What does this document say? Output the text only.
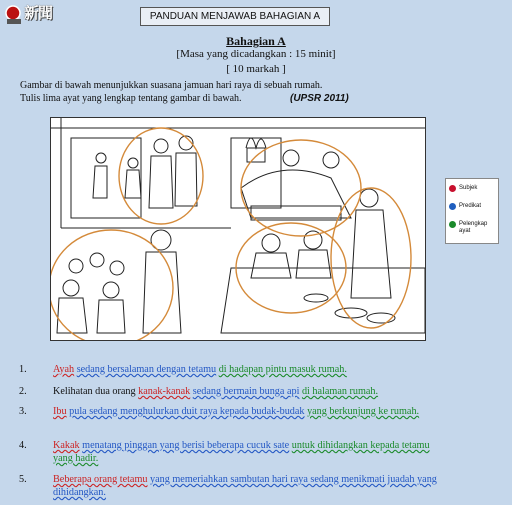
新聞	PANDUAN MENJAWAB BAHAGIAN A
Bahagian A
[Masa yang dicadangkan : 15 minit]
[ 10 markah ]
Gambar di bawah menunjukkan suasana jamuan hari raya di sebuah rumah.
Tulis lima ayat yang lengkap tentang gambar di bawah.	(UPSR 2011)
Subjek
Predikat
Pelengkap ayat
1.	Ayah sedang bersalaman dengan tetamu di hadapan pintu masuk rumah.
2.	Kelihatan dua orang kanak-kanak sedang bermain bunga api di halaman rumah.
3.	Ibu pula sedang menghulurkan duit raya kepada budak-budak yang berkunjung ke rumah.
4.	Kakak menatang pinggan yang berisi beberapa cucuk sate untuk dihidangkan kepada tetamu yang hadir.
5.	Beberapa orang tetamu yang memeriahkan sambutan hari raya sedang menikmati juadah yang dihidangkan.
